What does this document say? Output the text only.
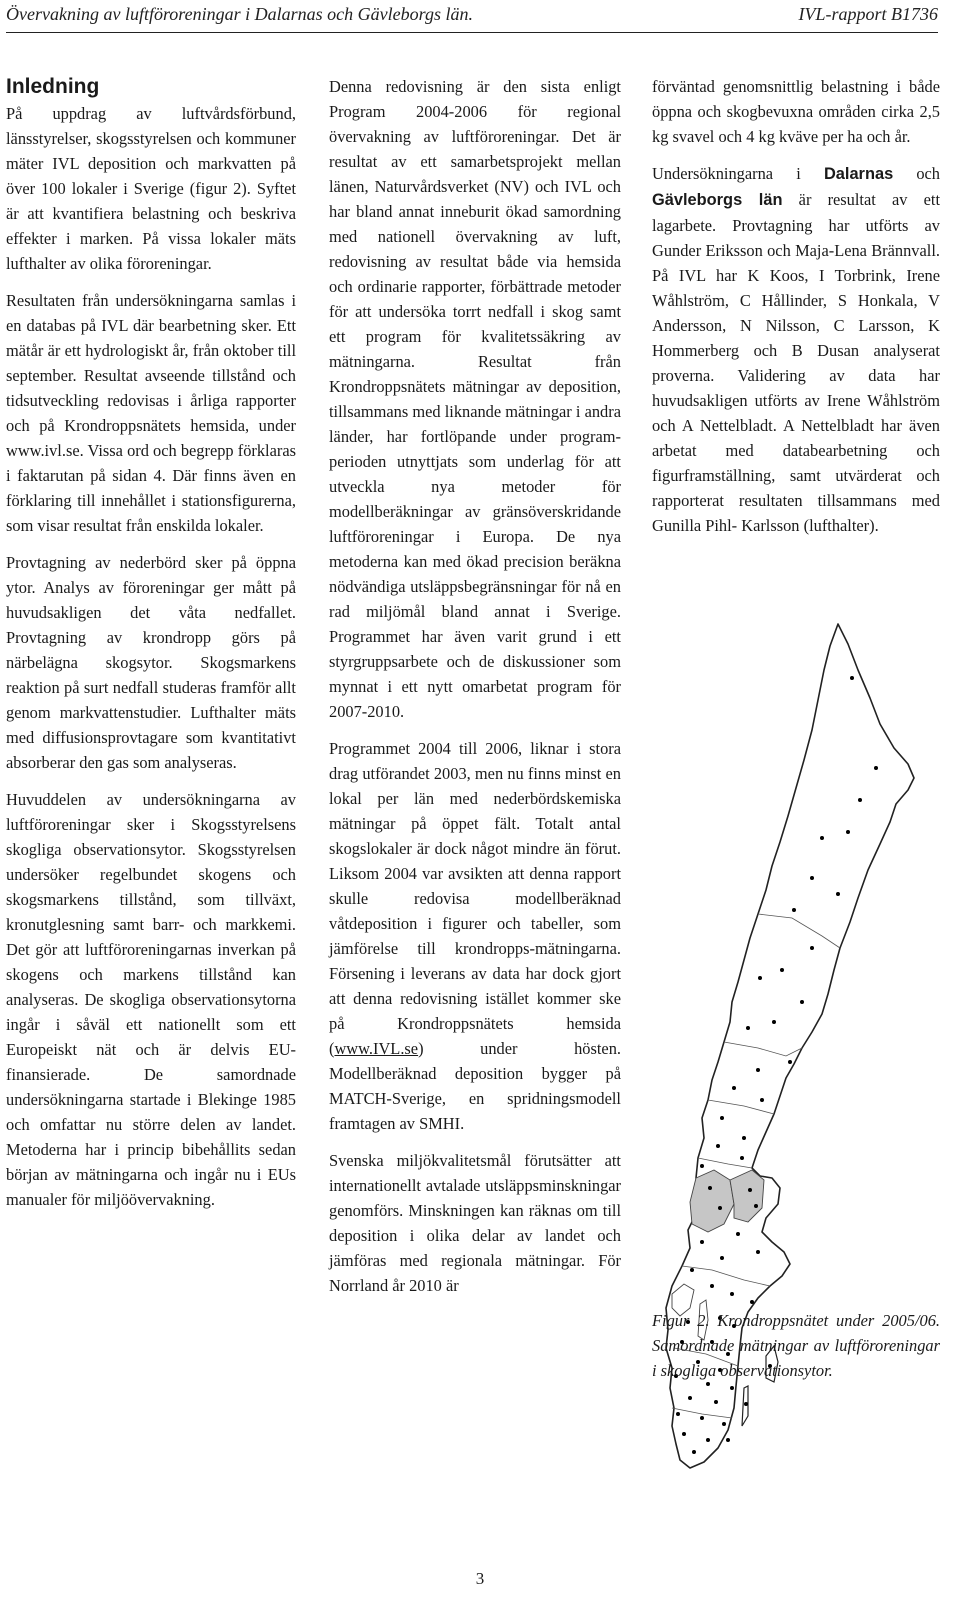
Övervakning av luftföroreningar i Dalarnas och Gävleborgs län.	IVL-rapport B1736
Inledning

På uppdrag av luftvårdsförbund, länsstyrelser, skogsstyrelsen och kommuner mäter IVL deposition och markvatten på över 100 lokaler i Sverige (figur 2). Syftet är att kvantifiera belastning och beskriva effekter i marken. På vissa lokaler mäts lufthalter av olika föroreningar.

Resultaten från undersökningarna samlas i en databas på IVL där bearbetning sker. Ett mätår är ett hydrologiskt år, från oktober till september. Resultat avseende tillstånd och tidsutveckling redovisas i årliga rapporter och på Krondroppsnätets hemsida, under www.ivl.se. Vissa ord och begrepp förklaras i faktarutan på sidan 4. Där finns även en förklaring till innehållet i stationsfigurerna, som visar resultat från enskilda lokaler.

Provtagning av nederbörd sker på öppna ytor. Analys av föroreningar ger mått på huvudsakligen det våta nedfallet. Provtagning av krondropp görs på närbelägna skogsytor. Skogsmarkens reaktion på surt nedfall studeras framför allt genom markvattenstudier. Lufthalter mäts med diffusionsprovtagare som kvantitativt absorberar den gas som analyseras.

Huvuddelen av undersökningarna av luftföroreningar sker i Skogsstyrelsens skogliga observationsytor. Skogsstyrelsen undersöker regelbundet skogens och skogsmarkens tillstånd, som tillväxt, kronutglesning samt barr- och markkemi. Det gör att luftföroreningarnas inverkan på skogens och markens tillstånd kan analyseras. De skogliga observationsytorna ingår i såväl ett nationellt som ett Europeiskt nät och är delvis EU-finansierade. De samordnade undersökningarna startade i Blekinge 1985 och omfattar nu större delen av landet. Metoderna har i princip bibehållits sedan början av mätningarna och ingår nu i EUs manualer för miljöövervakning.

Denna redovisning är den sista enligt Program 2004-2006 för regional övervakning av luftföroreningar. Det är resultat av ett samarbetsprojekt mellan länen, Naturvårdsverket (NV) och IVL och har bland annat inneburit ökad samordning med nationell övervakning av luft, redovisning av resultat både via hemsida och ordinarie rapporter, förbättrade metoder för att undersöka torrt nedfall i skog samt ett program för kvalitetssäkring av mätningarna. Resultat från Krondroppsnätets mätningar av deposition, tillsammans med liknande mätningar i andra länder, har fortlöpande under program-perioden utnyttjats som underlag för att utveckla nya metoder för modellberäkningar av gränsöverskridande luftföroreningar i Europa. De nya metoderna kan med ökad precision beräkna nödvändiga utsläppsbegränsningar för nå en rad miljömål bland annat i Sverige. Programmet har även varit grund i ett styrgruppsarbete och de diskussioner som mynnat i ett nytt omarbetat program för 2007-2010.

Programmet 2004 till 2006, liknar i stora drag utförandet 2003, men nu finns minst en lokal per län med nederbördskemiska mätningar på öppet fält. Totalt antal skogslokaler är dock något mindre än förut. Liksom 2004 var avsikten att denna rapport skulle redovisa modellberäknad våtdeposition i figurer och tabeller, som jämförelse till krondropps-mätningarna. Försening i leverans av data har dock gjort att denna redovisning istället kommer ske på Krondroppsnätets hemsida (www.IVL.se) under hösten. Modellberäknad deposition bygger på MATCH-Sverige, en spridningsmodell framtagen av SMHI.

Svenska miljökvalitetsmål förutsätter att internationellt avtalade utsläppsminskningar genomförs. Minskningen kan räknas om till deposition i olika delar av landet och jämföras med regionala mätningar. För Norrland år 2010 är

förväntad genomsnittlig belastning i både öppna och skogbevuxna områden cirka 2,5 kg svavel och 4 kg kväve per ha och år.

Undersökningarna i Dalarnas och Gävleborgs län är resultat av ett lagarbete. Provtagning har utförts av Gunder Eriksson och Maja-Lena Brännvall. På IVL har K Koos, I Torbrink, Irene Wåhlström, C Hållinder, S Honkala, V Andersson, N Nilsson, C Larsson, K Hommerberg och B Dusan analyserat proverna. Validering av data har huvudsakligen utförts av Irene Wåhlström och A Nettelbladt. A Nettelbladt har även arbetat med databearbetning och figurframställning, samt utvärderat och rapporterat resultaten tillsammans med Gunilla Pihl- Karlsson (lufthalter).

Figur 2. Krondroppsnätet under 2005/06. Samordnade mätningar av luftföroreningar i skogliga observationsytor.
3
